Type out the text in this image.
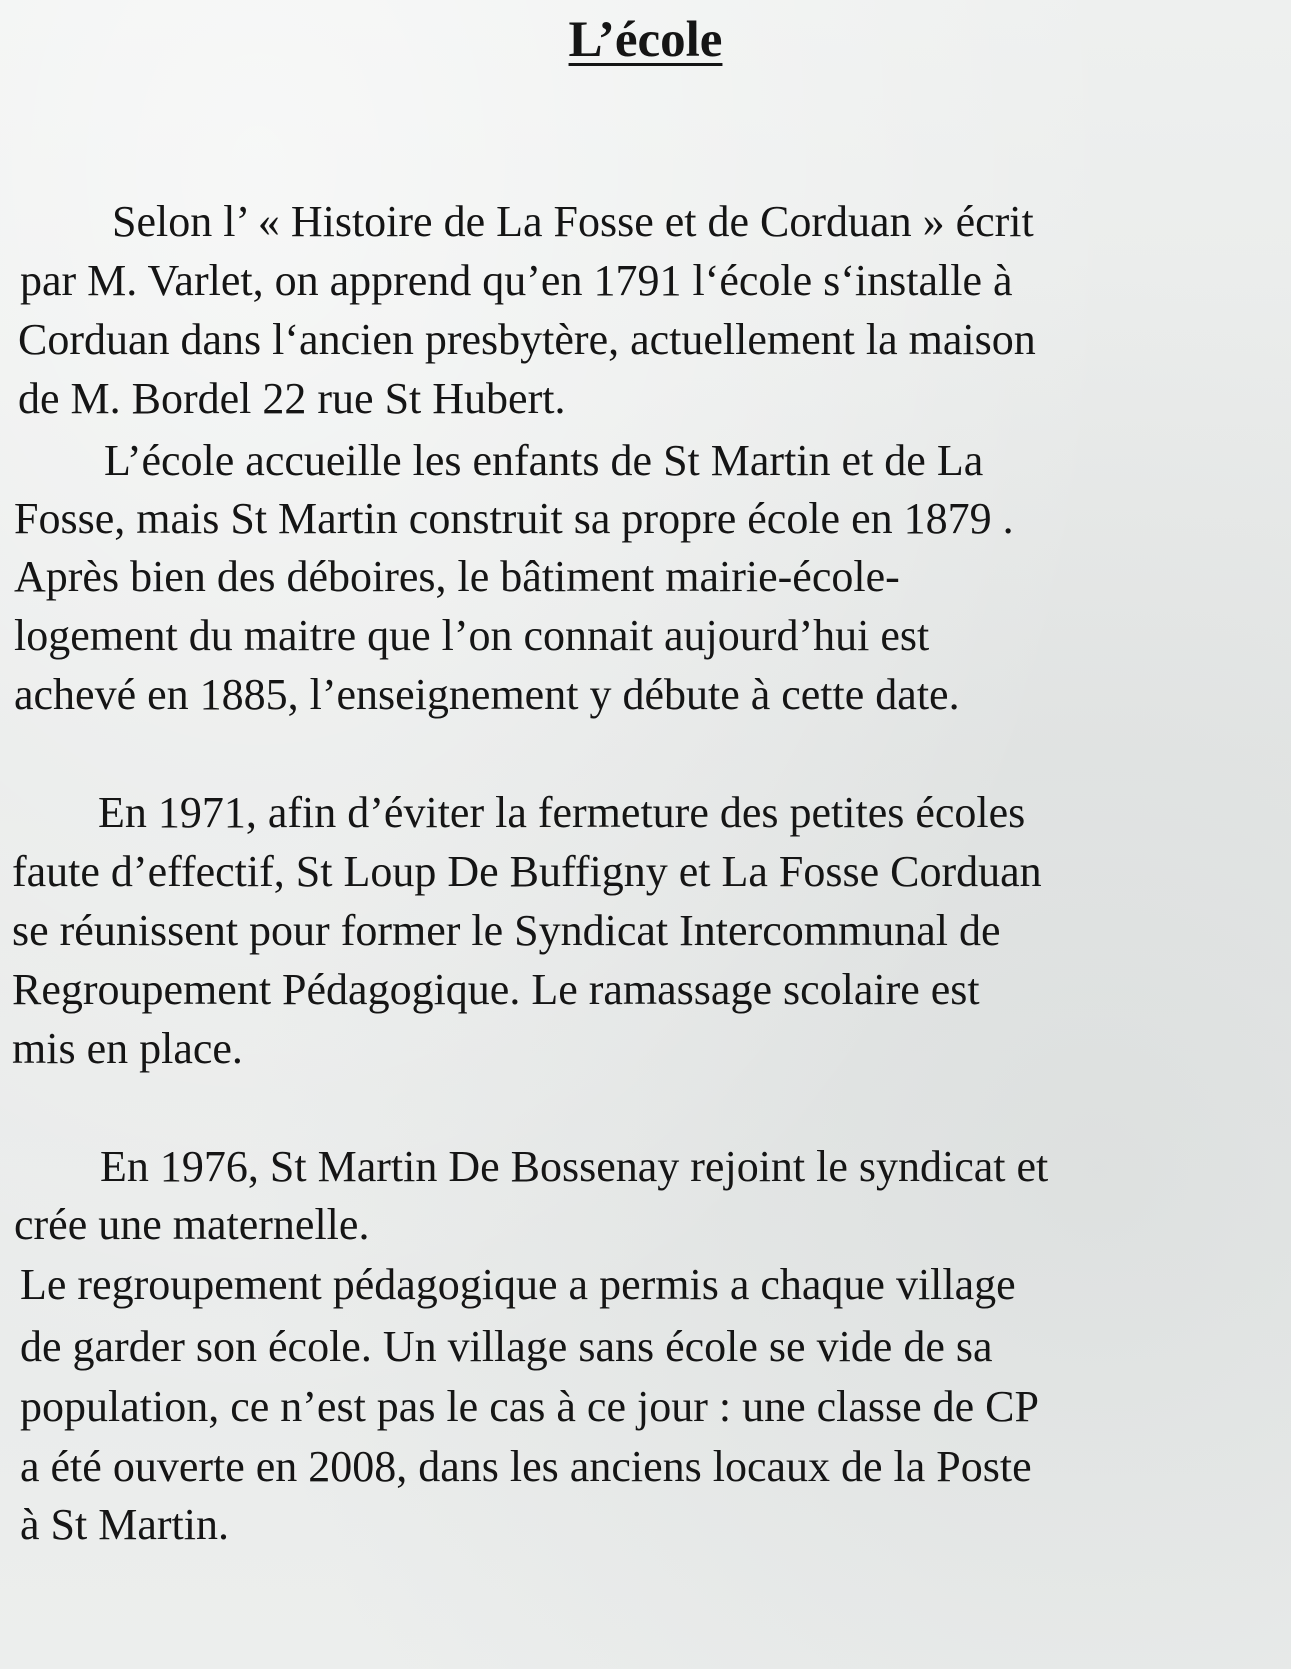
L’école

Selon l’ « Histoire de La Fosse et de Corduan » écrit

par M. Varlet, on apprend qu’en 1791 l‘école s‘installe à

Corduan dans l‘ancien presbytère, actuellement la maison

de M. Bordel 22 rue St Hubert.

L’école accueille les enfants de St Martin et de La

Fosse, mais St Martin construit sa propre école en 1879 .

Après bien des déboires, le bâtiment mairie-école-

logement du maitre que l’on connait aujourd’hui est

achevé en 1885, l’enseignement y débute à cette date.

En 1971, afin d’éviter la fermeture des petites écoles

faute d’effectif, St Loup De Buffigny et La Fosse Corduan

se réunissent pour former le Syndicat Intercommunal de

Regroupement Pédagogique. Le ramassage scolaire est

mis en place.

En 1976, St Martin De Bossenay rejoint le syndicat et

crée une maternelle.

Le regroupement pédagogique a permis a chaque village

de garder son école. Un village sans école se vide de sa

population, ce n’est pas le cas à ce jour : une classe de CP

a été ouverte en 2008, dans les anciens locaux de la Poste

à St Martin.
